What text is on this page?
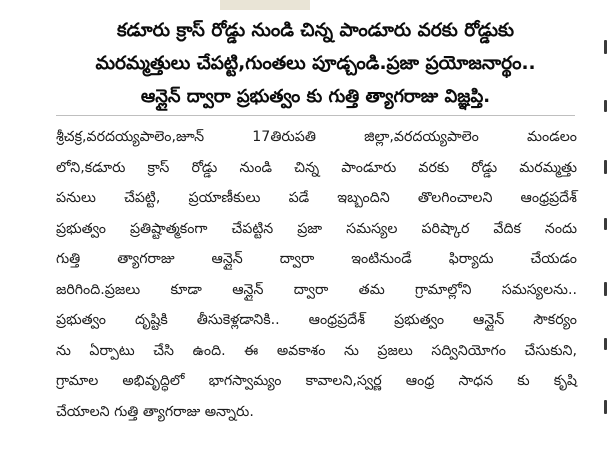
కడూరు క్రాస్ రోడ్డు నుండి చిన్న పాండూరు వరకు రోడ్డుకు
మరమ్మత్తులు చేపట్టి,గుంతలు పూడ్చండి.ప్రజా ప్రయోజనార్థం..
ఆన్లైన్ ద్వారా ప్రభుత్వం కు గుత్తి త్యాగరాజు విజ్ఞప్తి.
శ్రీచక్ర,వరదయ్యపాలెం,జూన్ 17తిరుపతి జిల్లా,వరదయ్యపాలెం మండలం
లోని,కడూరు క్రాస్ రోడ్డు నుండి చిన్న పాండూరు వరకు రోడ్డు మరమ్మత్తు
పనులు చేపట్టి, ప్రయాణీకులు పడే ఇబ్బందిని తొలగించాలని ఆంధ్రప్రదేశ్
ప్రభుత్వం ప్రతిష్టాత్మకంగా చేపట్టిన ప్రజా సమస్యల పరిష్కార వేదిక నందు
గుత్తి త్యాగరాజు ఆన్లైన్ ద్వారా ఇంటినుండే ఫిర్యాదు చేయడం
జరిగింది.ప్రజలు కూడా ఆన్లైన్ ద్వారా తమ గ్రామాల్లోని సమస్యలను..
ప్రభుత్వం దృష్టికి తీసుకెళ్లడానికి.. ఆంధ్రప్రదేశ్ ప్రభుత్వం ఆన్లైన్ సౌకర్యం
ను ఏర్పాటు చేసి ఉంది. ఈ అవకాశం ను ప్రజలు సద్వినియోగం చేసుకుని,
గ్రామాల అభివృద్ధిలో భాగస్వామ్యం కావాలని,స్వర్ణ ఆంధ్ర సాధన కు కృషి
చేయాలని గుత్తి త్యాగరాజు అన్నారు.
